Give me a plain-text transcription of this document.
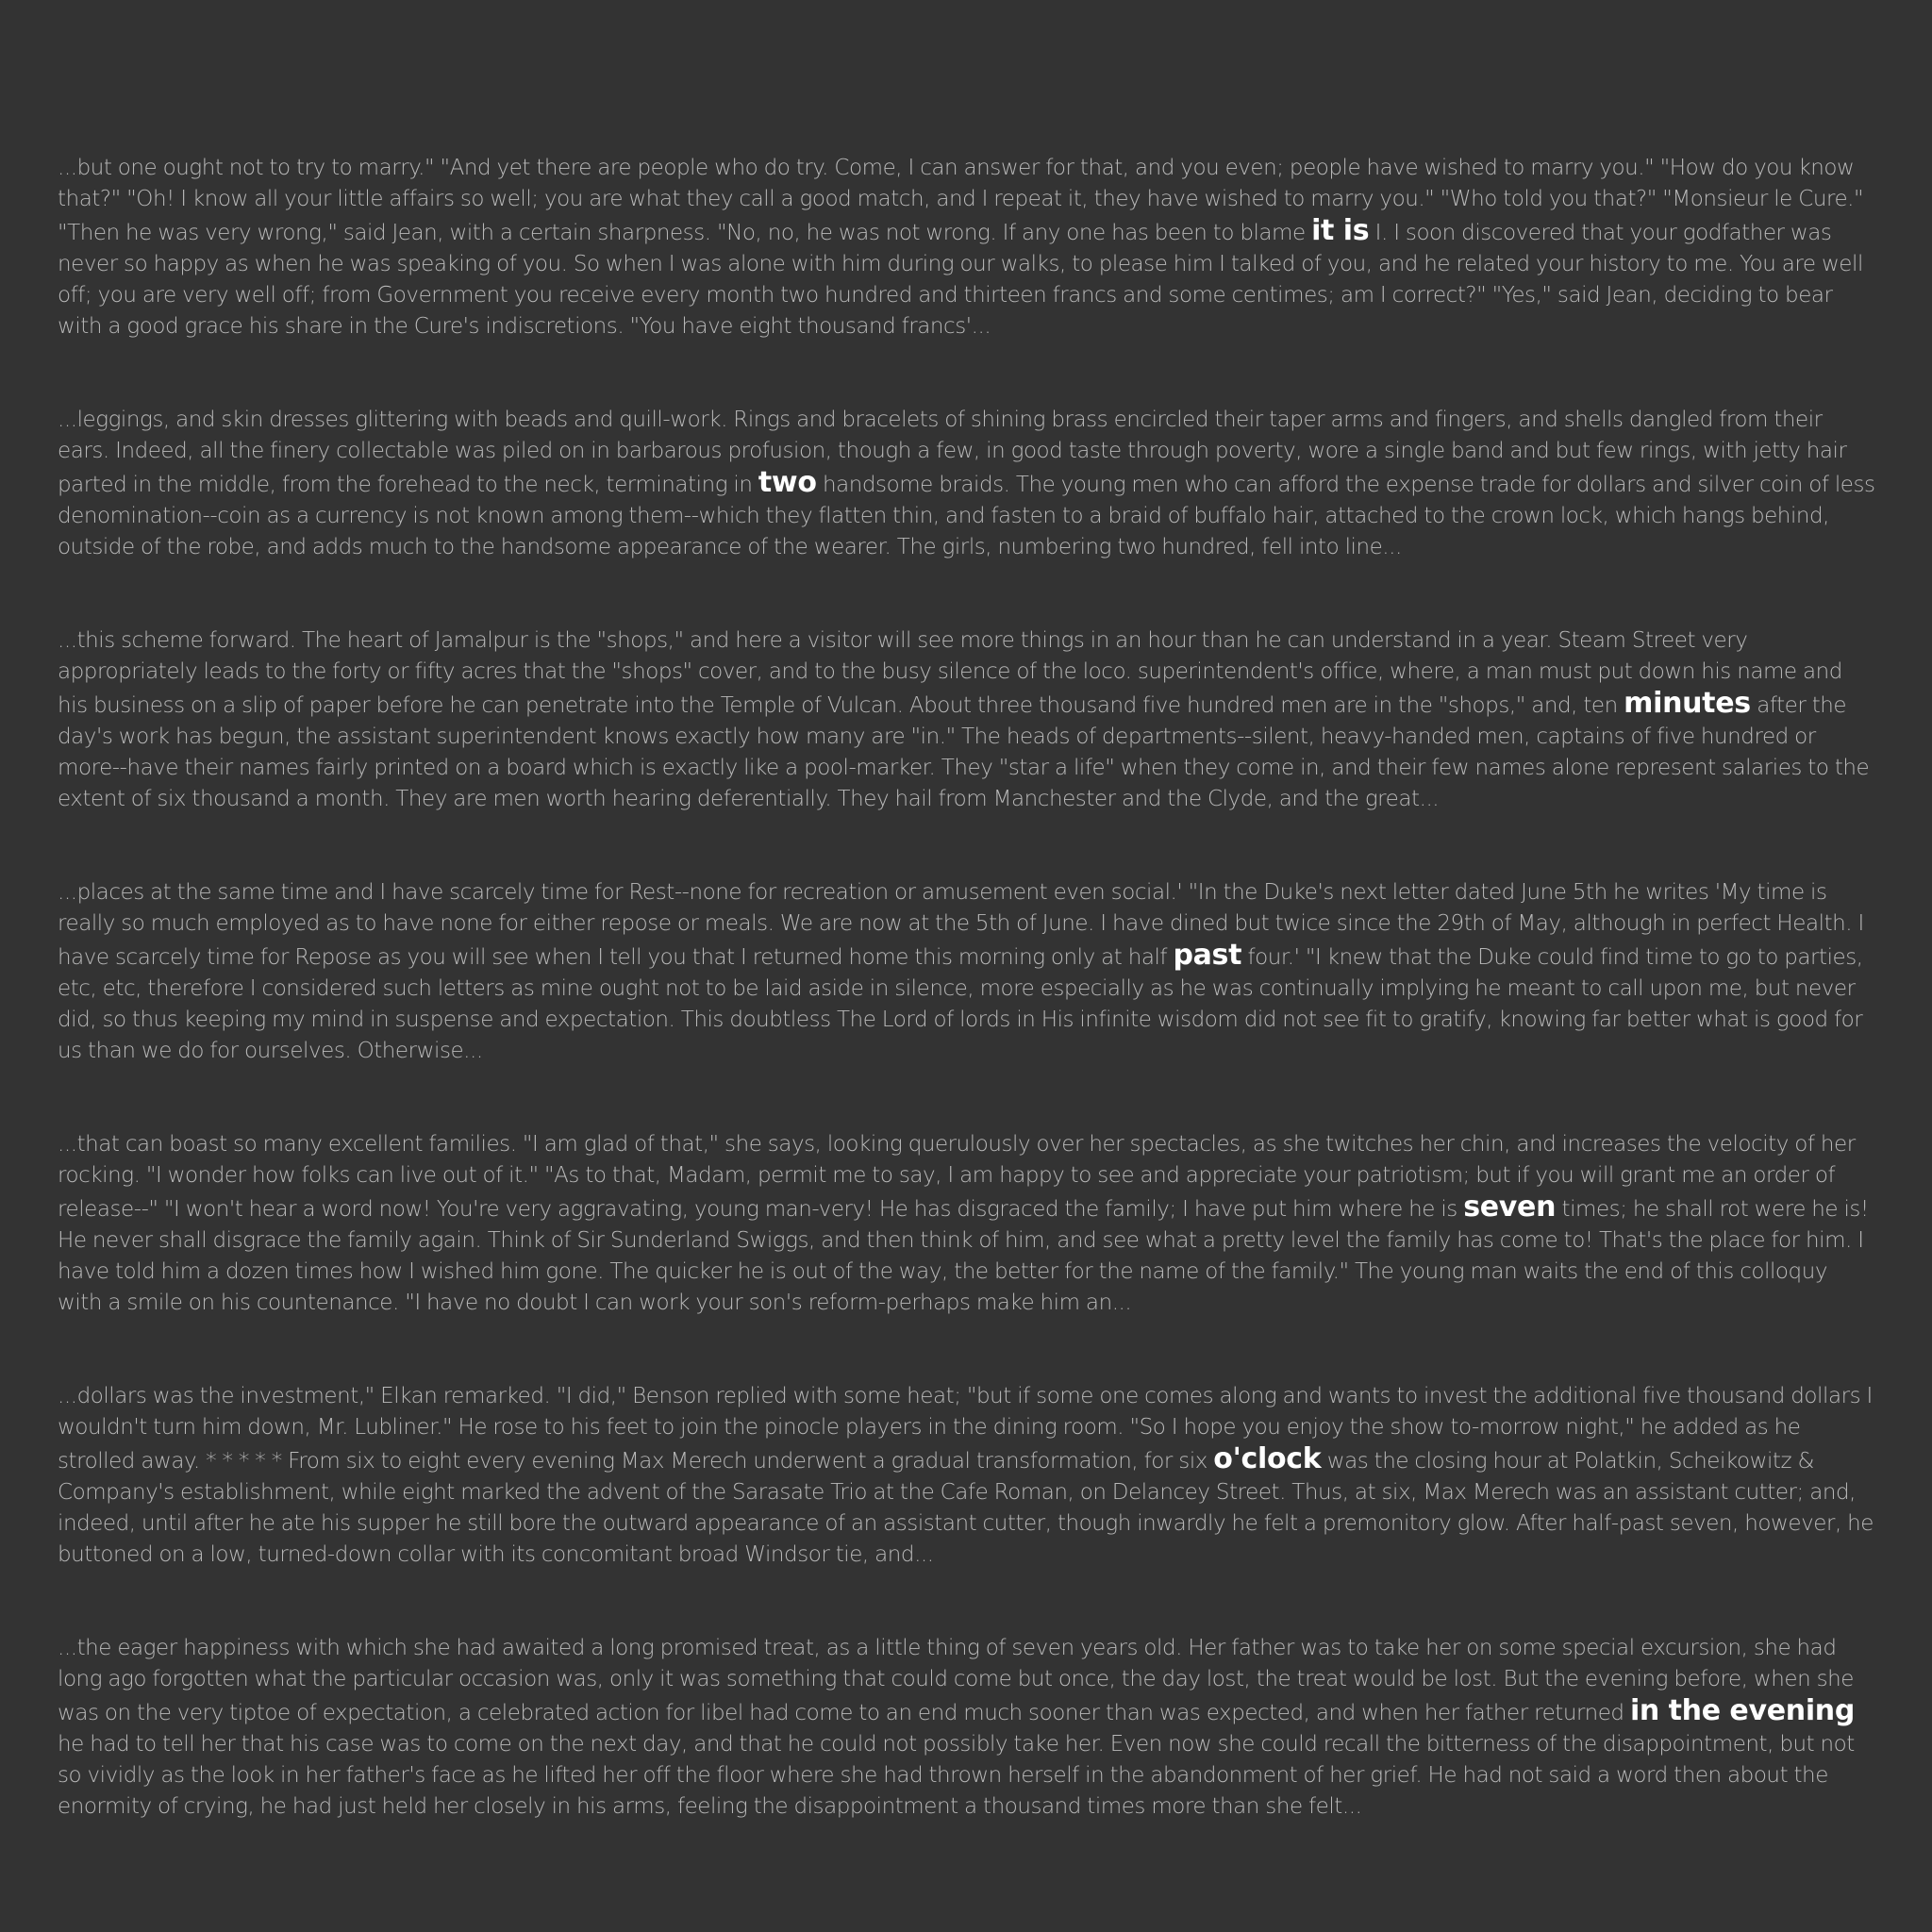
...but one ought not to try to marry." "And yet there are people who do try. Come, I can answer for that, and you even; people have wished to marry you." "How do you know that?" "Oh! I know all your little affairs so well; you are what they call a good match, and I repeat it, they have wished to marry you." "Who told you that?" "Monsieur le Cure." "Then he was very wrong," said Jean, with a certain sharpness. "No, no, he was not wrong. If any one has been to blame it is I. I soon discovered that your godfather was never so happy as when he was speaking of you. So when I was alone with him during our walks, to please him I talked of you, and he related your history to me. You are well off; you are very well off; from Government you receive every month two hundred and thirteen francs and some centimes; am I correct?" "Yes," said Jean, deciding to bear with a good grace his share in the Cure's indiscretions. "You have eight thousand francs'...

...leggings, and skin dresses glittering with beads and quill-work. Rings and bracelets of shining brass encircled their taper arms and fingers, and shells dangled from their ears. Indeed, all the finery collectable was piled on in barbarous profusion, though a few, in good taste through poverty, wore a single band and but few rings, with jetty hair parted in the middle, from the forehead to the neck, terminating in two handsome braids. The young men who can afford the expense trade for dollars and silver coin of less denomination--coin as a currency is not known among them--which they flatten thin, and fasten to a braid of buffalo hair, attached to the crown lock, which hangs behind, outside of the robe, and adds much to the handsome appearance of the wearer. The girls, numbering two hundred, fell into line...

...this scheme forward. The heart of Jamalpur is the "shops," and here a visitor will see more things in an hour than he can understand in a year. Steam Street very appropriately leads to the forty or fifty acres that the "shops" cover, and to the busy silence of the loco. superintendent's office, where, a man must put down his name and his business on a slip of paper before he can penetrate into the Temple of Vulcan. About three thousand five hundred men are in the "shops," and, ten minutes after the day's work has begun, the assistant superintendent knows exactly how many are "in." The heads of departments--silent, heavy-handed men, captains of five hundred or more--have their names fairly printed on a board which is exactly like a pool-marker. They "star a life" when they come in, and their few names alone represent salaries to the extent of six thousand a month. They are men worth hearing deferentially. They hail from Manchester and the Clyde, and the great...

...places at the same time and I have scarcely time for Rest--none for recreation or amusement even social.' "In the Duke's next letter dated June 5th he writes 'My time is really so much employed as to have none for either repose or meals. We are now at the 5th of June. I have dined but twice since the 29th of May, although in perfect Health. I have scarcely time for Repose as you will see when I tell you that I returned home this morning only at half past four.' "I knew that the Duke could find time to go to parties, etc, etc, therefore I considered such letters as mine ought not to be laid aside in silence, more especially as he was continually implying he meant to call upon me, but never did, so thus keeping my mind in suspense and expectation. This doubtless The Lord of lords in His infinite wisdom did not see fit to gratify, knowing far better what is good for us than we do for ourselves. Otherwise...

...that can boast so many excellent families. "I am glad of that," she says, looking querulously over her spectacles, as she twitches her chin, and increases the velocity of her rocking. "I wonder how folks can live out of it." "As to that, Madam, permit me to say, I am happy to see and appreciate your patriotism; but if you will grant me an order of release--" "I won't hear a word now! You're very aggravating, young man-very! He has disgraced the family; I have put him where he is seven times; he shall rot were he is! He never shall disgrace the family again. Think of Sir Sunderland Swiggs, and then think of him, and see what a pretty level the family has come to! That's the place for him. I have told him a dozen times how I wished him gone. The quicker he is out of the way, the better for the name of the family." The young man waits the end of this colloquy with a smile on his countenance. "I have no doubt I can work your son's reform-perhaps make him an...

...dollars was the investment," Elkan remarked. "I did," Benson replied with some heat; "but if some one comes along and wants to invest the additional five thousand dollars I wouldn't turn him down, Mr. Lubliner." He rose to his feet to join the pinocle players in the dining room. "So I hope you enjoy the show to-morrow night," he added as he strolled away. * * * * * From six to eight every evening Max Merech underwent a gradual transformation, for six o'clock was the closing hour at Polatkin, Scheikowitz & Company's establishment, while eight marked the advent of the Sarasate Trio at the Cafe Roman, on Delancey Street. Thus, at six, Max Merech was an assistant cutter; and, indeed, until after he ate his supper he still bore the outward appearance of an assistant cutter, though inwardly he felt a premonitory glow. After half-past seven, however, he buttoned on a low, turned-down collar with its concomitant broad Windsor tie, and...

...the eager happiness with which she had awaited a long promised treat, as a little thing of seven years old. Her father was to take her on some special excursion, she had long ago forgotten what the particular occasion was, only it was something that could come but once, the day lost, the treat would be lost. But the evening before, when she was on the very tiptoe of expectation, a celebrated action for libel had come to an end much sooner than was expected, and when her father returned in the evening he had to tell her that his case was to come on the next day, and that he could not possibly take her. Even now she could recall the bitterness of the disappointment, but not so vividly as the look in her father's face as he lifted her off the floor where she had thrown herself in the abandonment of her grief. He had not said a word then about the enormity of crying, he had just held her closely in his arms, feeling the disappointment a thousand times more than she felt...
